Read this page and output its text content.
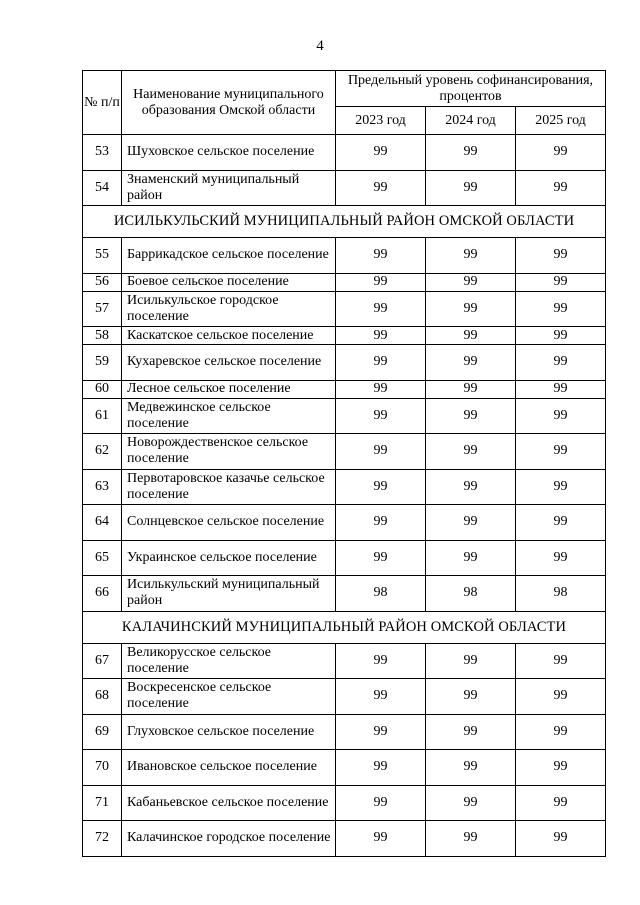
4
№ п/п	Наименование муниципального образования Омской области	Предельный уровень софинансирования, процентов		
		2023 год	2024 год	2025 год
53	Шуховское сельское поселение	99	99	99
54	Знаменский муниципальный район	99	99	99
ИСИЛЬКУЛЬСКИЙ МУНИЦИПАЛЬНЫЙ РАЙОН ОМСКОЙ ОБЛАСТИ				
55	Баррикадское сельское поселение	99	99	99
56	Боевое сельское поселение	99	99	99
57	Исилькульское городское поселение	99	99	99
58	Каскатское сельское поселение	99	99	99
59	Кухаревское сельское поселение	99	99	99
60	Лесное сельское поселение	99	99	99
61	Медвежинское сельское поселение	99	99	99
62	Новорождественское сельское поселение	99	99	99
63	Первотаровское казачье сельское поселение	99	99	99
64	Солнцевское сельское поселение	99	99	99
65	Украинское сельское поселение	99	99	99
66	Исилькульский муниципальный район	98	98	98
КАЛАЧИНСКИЙ МУНИЦИПАЛЬНЫЙ РАЙОН ОМСКОЙ ОБЛАСТИ				
67	Великорусское сельское поселение	99	99	99
68	Воскресенское сельское поселение	99	99	99
69	Глуховское сельское поселение	99	99	99
70	Ивановское сельское поселение	99	99	99
71	Кабаньевское сельское поселение	99	99	99
72	Калачинское городское поселение	99	99	99
